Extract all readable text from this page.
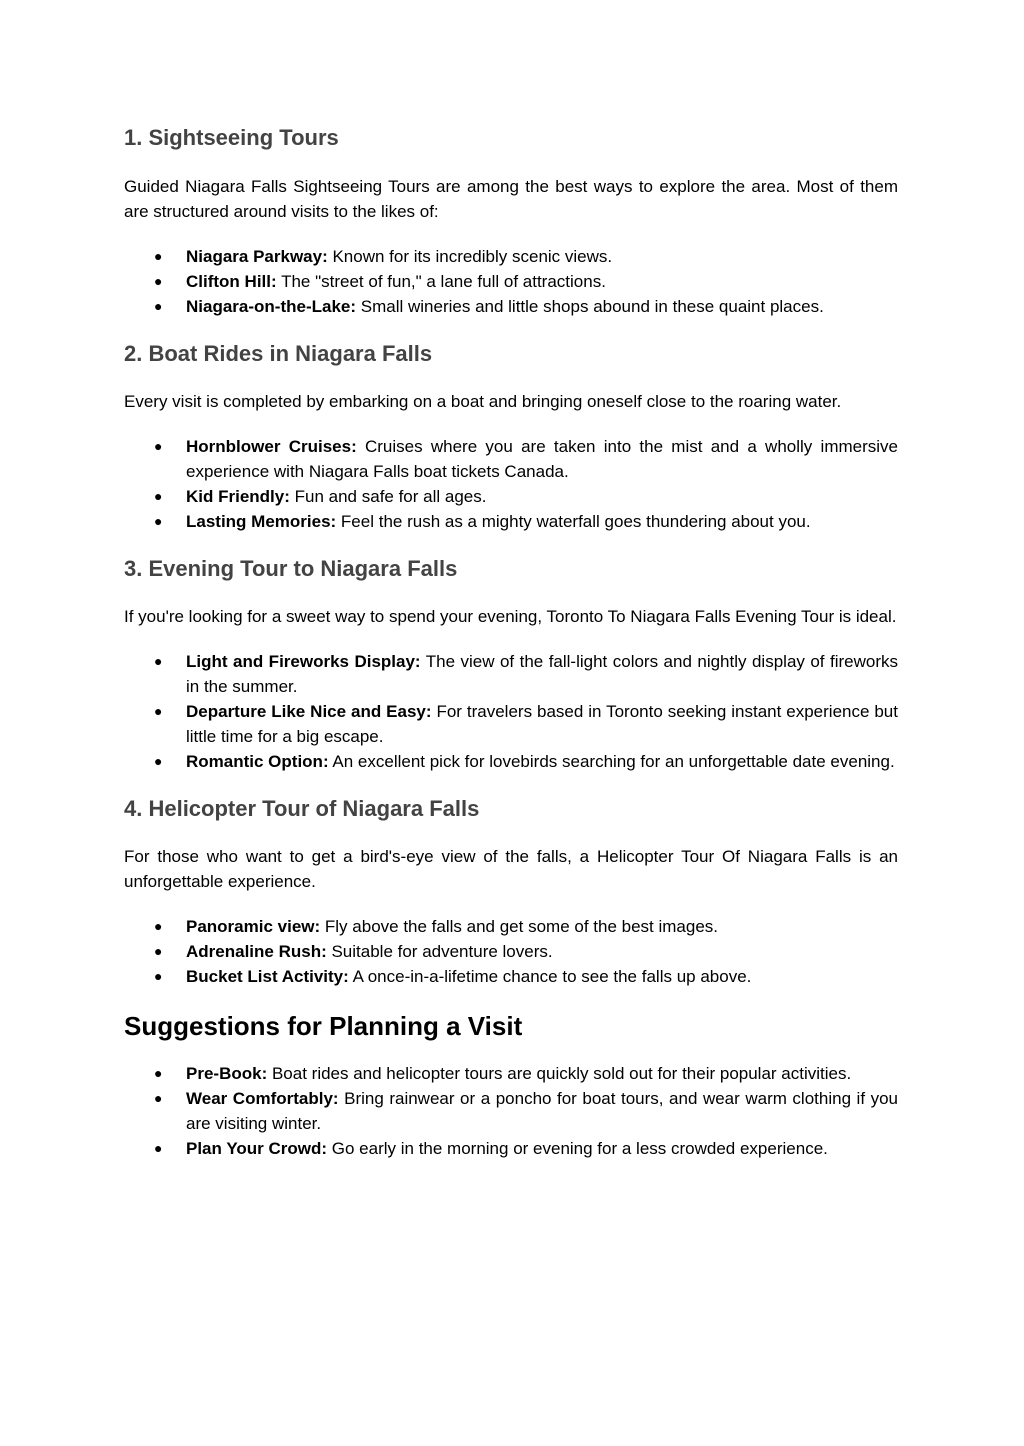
1. Sightseeing Tours

Guided Niagara Falls Sightseeing Tours are among the best ways to explore the area. Most of them are structured around visits to the likes of:

● Niagara Parkway: Known for its incredibly scenic views.
● Clifton Hill: The "street of fun," a lane full of attractions.
● Niagara-on-the-Lake: Small wineries and little shops abound in these quaint places.
2. Boat Rides in Niagara Falls

Every visit is completed by embarking on a boat and bringing oneself close to the roaring water.

● Hornblower Cruises: Cruises where you are taken into the mist and a wholly immersive experience with Niagara Falls boat tickets Canada.
● Kid Friendly: Fun and safe for all ages.
● Lasting Memories: Feel the rush as a mighty waterfall goes thundering about you.
3. Evening Tour to Niagara Falls

If you're looking for a sweet way to spend your evening, Toronto To Niagara Falls Evening Tour is ideal.

● Light and Fireworks Display: The view of the fall-light colors and nightly display of fireworks in the summer.
● Departure Like Nice and Easy: For travelers based in Toronto seeking instant experience but little time for a big escape.
● Romantic Option: An excellent pick for lovebirds searching for an unforgettable date evening.
4. Helicopter Tour of Niagara Falls

For those who want to get a bird's-eye view of the falls, a Helicopter Tour Of Niagara Falls is an unforgettable experience.

● Panoramic view: Fly above the falls and get some of the best images.
● Adrenaline Rush: Suitable for adventure lovers.
● Bucket List Activity: A once-in-a-lifetime chance to see the falls up above.
Suggestions for Planning a Visit
● Pre-Book: Boat rides and helicopter tours are quickly sold out for their popular activities.
● Wear Comfortably: Bring rainwear or a poncho for boat tours, and wear warm clothing if you are visiting winter.
● Plan Your Crowd: Go early in the morning or evening for a less crowded experience.
